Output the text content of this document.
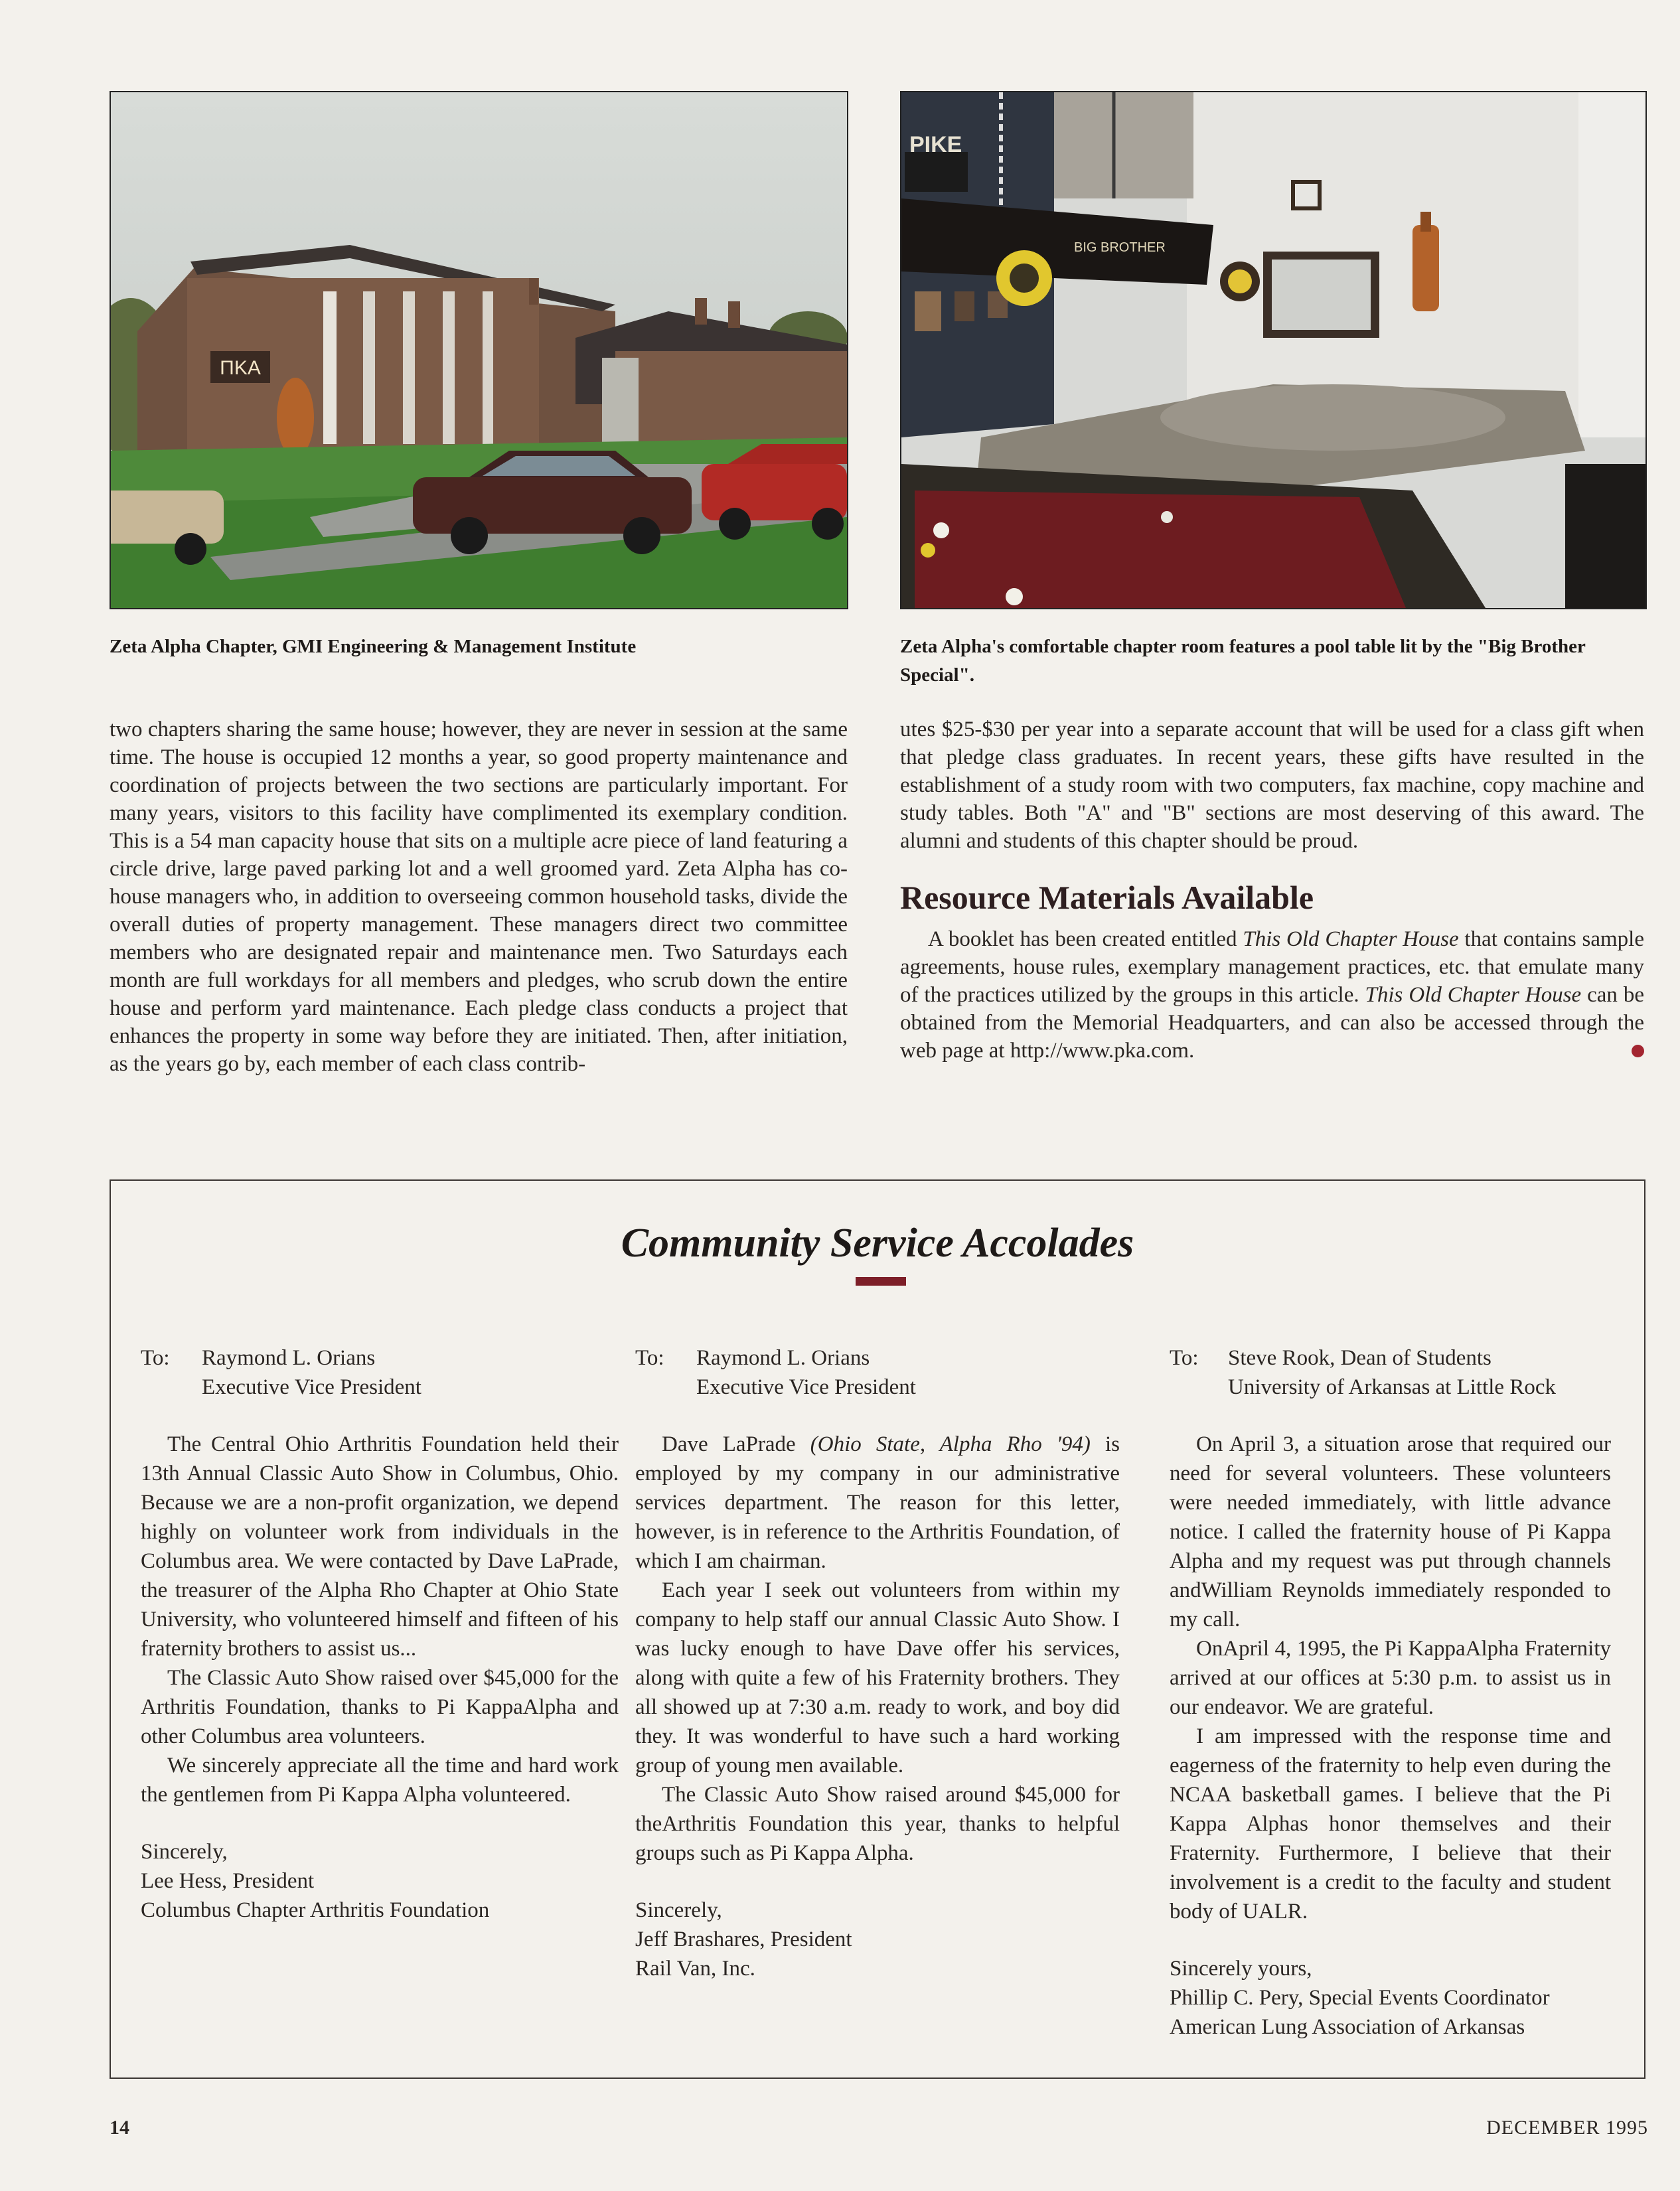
ΠKA
PIKE
BIG BROTHER
Zeta Alpha Chapter, GMI Engineering & Management Institute	Zeta Alpha's comfortable chapter room features a pool table lit by the "Big Brother Special".

two chapters sharing the same house; however, they are never in session at the same time. The house is occupied 12 months a year, so good property maintenance and coordination of projects between the two sections are particularly important. For many years, visitors to this facility have complimented its exemplary condition. This is a 54 man capacity house that sits on a multiple acre piece of land featuring a circle drive, large paved parking lot and a well groomed yard. Zeta Alpha has co-house managers who, in addition to overseeing common household tasks, divide the overall duties of property management. These managers direct two committee members who are designated repair and maintenance men. Two Saturdays each month are full workdays for all members and pledges, who scrub down the entire house and perform yard maintenance. Each pledge class conducts a project that enhances the property in some way before they are initiated. Then, after initiation, as the years go by, each member of each class contrib-

utes $25-$30 per year into a separate account that will be used for a class gift when that pledge class graduates. In recent years, these gifts have resulted in the establishment of a study room with two computers, fax machine, copy machine and study tables. Both "A" and "B" sections are most deserving of this award. The alumni and students of this chapter should be proud.

Resource Materials Available

A booklet has been created entitled This Old Chapter House that contains sample agreements, house rules, exemplary management practices, etc. that emulate many of the practices utilized by the groups in this article. This Old Chapter House can be obtained from the Memorial Headquarters, and can also be accessed through the web page at http://www.pka.com.

Community Service Accolades
To:	Raymond L. Orians
Executive Vice President

The Central Ohio Arthritis Foundation held their 13th Annual Classic Auto Show in Columbus, Ohio. Because we are a non-profit organization, we depend highly on volunteer work from individuals in the Columbus area. We were contacted by Dave LaPrade, the treasurer of the Alpha Rho Chapter at Ohio State University, who volunteered himself and fifteen of his fraternity brothers to assist us...

The Classic Auto Show raised over $45,000 for the Arthritis Foundation, thanks to Pi KappaAlpha and other Columbus area volunteers.

We sincerely appreciate all the time and hard work the gentlemen from Pi Kappa Alpha volunteered.

Sincerely,
Lee Hess, President
Columbus Chapter Arthritis Foundation
To:	Raymond L. Orians
Executive Vice President

Dave LaPrade (Ohio State, Alpha Rho '94) is employed by my company in our administrative services department. The reason for this letter, however, is in reference to the Arthritis Foundation, of which I am chairman.

Each year I seek out volunteers from within my company to help staff our annual Classic Auto Show. I was lucky enough to have Dave offer his services, along with quite a few of his Fraternity brothers. They all showed up at 7:30 a.m. ready to work, and boy did they. It was wonderful to have such a hard working group of young men available.

The Classic Auto Show raised around $45,000 for theArthritis Foundation this year, thanks to helpful groups such as Pi Kappa Alpha.

Sincerely,
Jeff Brashares, President
Rail Van, Inc.
To:	Steve Rook, Dean of Students
University of Arkansas at Little Rock

On April 3, a situation arose that required our need for several volunteers. These volunteers were needed immediately, with little advance notice. I called the fraternity house of Pi Kappa Alpha and my request was put through channels andWilliam Reynolds immediately responded to my call.

OnApril 4, 1995, the Pi KappaAlpha Fraternity arrived at our offices at 5:30 p.m. to assist us in our endeavor. We are grateful.

I am impressed with the response time and eagerness of the fraternity to help even during the NCAA basketball games. I believe that the Pi Kappa Alphas honor themselves and their Fraternity. Furthermore, I believe that their involvement is a credit to the faculty and student body of UALR.

Sincerely yours,
Phillip C. Pery, Special Events Coordinator
American Lung Association of Arkansas
14	DECEMBER 1995
